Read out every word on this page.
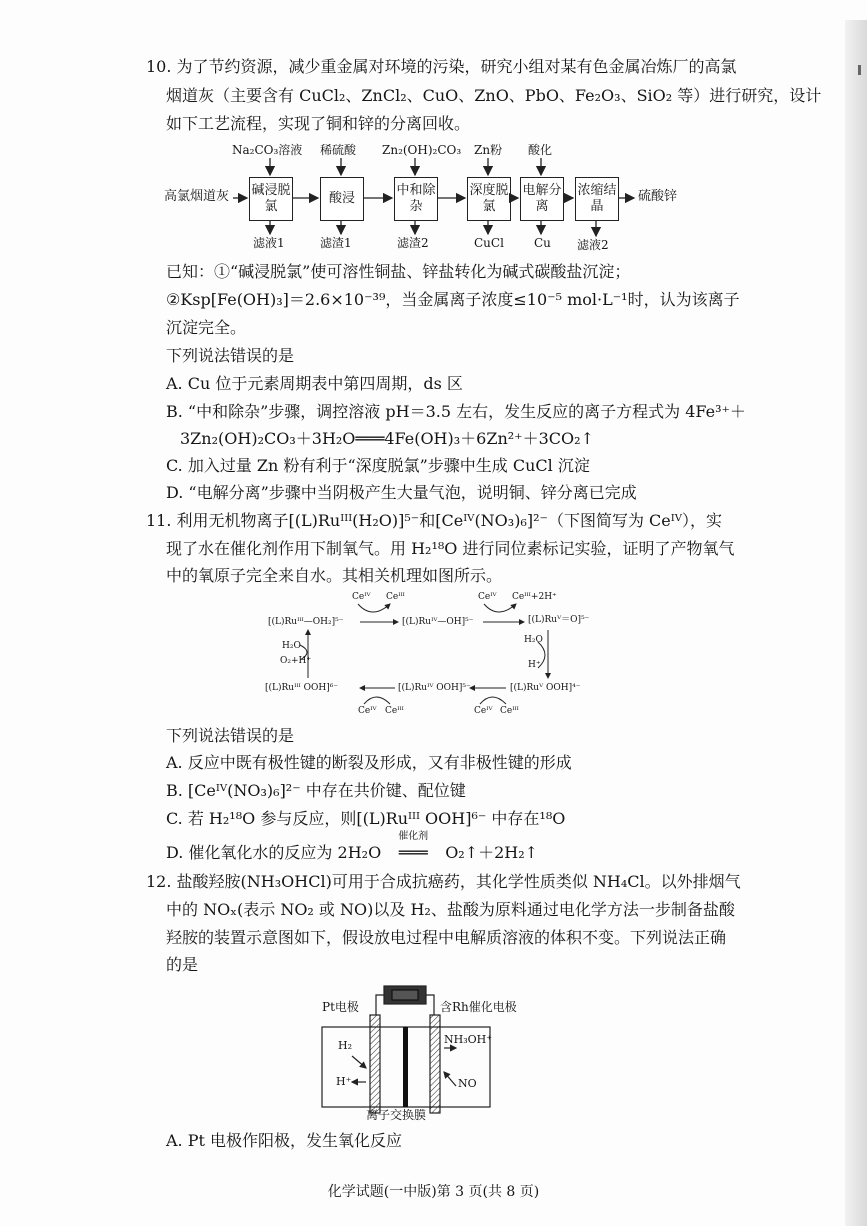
10. 为了节约资源，减少重金属对环境的污染，研究小组对某有色金属冶炼厂的高氯
烟道灰（主要含有 CuCl₂、ZnCl₂、CuO、ZnO、PbO、Fe₂O₃、SiO₂ 等）进行研究，设计
如下工艺流程，实现了铜和锌的分离回收。
Na₂CO₃溶液 稀硫酸 Zn₂(OH)₂CO₃ Zn粉 酸化
高氯烟道灰 碱浸脱氯
酸浸
中和除杂
深度脱氯
电解分离
浓缩结晶
硫酸锌
滤液1	滤渣1	滤渣2	CuCl	Cu 滤液2
已知：①“碱浸脱氯”使可溶性铜盐、锌盐转化为碱式碳酸盐沉淀；
②Ksp[Fe(OH)₃]＝2.6×10⁻³⁹，当金属离子浓度≤10⁻⁵ mol·L⁻¹时，认为该离子
沉淀完全。
下列说法错误的是
A. Cu 位于元素周期表中第四周期，ds 区
B. “中和除杂”步骤，调控溶液 pH＝3.5 左右，发生反应的离子方程式为 4Fe³⁺＋
3Zn₂(OH)₂CO₃＋3H₂O═══4Fe(OH)₃＋6Zn²⁺＋3CO₂↑
C. 加入过量 Zn 粉有利于“深度脱氯”步骤中生成 CuCl 沉淀
D. “电解分离”步骤中当阴极产生大量气泡，说明铜、锌分离已完成
11. 利用无机物离子[(L)Ruᴵᴵᴵ(H₂O)]⁵⁻和[Ceᴵⱽ(NO₃)₆]²⁻（下图简写为 Ceᴵⱽ），实
现了水在催化剂作用下制氧气。用 H₂¹⁸O 进行同位素标记实验，证明了产物氧气
中的氧原子完全来自水。其相关机理如图所示。
[(L)Ruᴵᴵᴵ—OH₂]⁵⁻	[(L)Ruᴵⱽ—OH]⁵⁻	[(L)Ruⱽ＝O]⁵⁻
[(L)Ruᴵᴵᴵ OOH]⁶⁻	[(L)Ruᴵⱽ OOH]⁵⁻	[(L)Ruⱽ OOH]⁴⁻
Ceᴵⱽ Ceᴵᴵᴵ	Ceᴵⱽ Ceᴵᴵᴵ+2H⁺
H₂O
O₂+H⁺
H₂O
H⁺
Ceᴵⱽ Ceᴵᴵᴵ	Ceᴵⱽ Ceᴵᴵᴵ
下列说法错误的是
A. 反应中既有极性键的断裂及形成，又有非极性键的形成
B. [Ceᴵⱽ(NO₃)₆]²⁻ 中存在共价键、配位键
C. 若 H₂¹⁸O 参与反应，则[(L)Ruᴵᴵᴵ OOH]⁶⁻ 中存在¹⁸O
D. 催化氧化水的反应为 2H₂O
催化剂
═══ O₂↑＋2H₂↑
12. 盐酸羟胺(NH₃OHCl)可用于合成抗癌药，其化学性质类似 NH₄Cl。以外排烟气
中的 NOₓ(表示 NO₂ 或 NO)以及 H₂、盐酸为原料通过电化学方法一步制备盐酸
羟胺的装置示意图如下，假设放电过程中电解质溶液的体积不变。下列说法正确
的是
Pt电极	含Rh催化电极
H₂
H⁺
NH₃OH⁺
NO
离子交换膜
A. Pt 电极作阳极，发生氧化反应
化学试题(一中版)第 3 页(共 8 页)
